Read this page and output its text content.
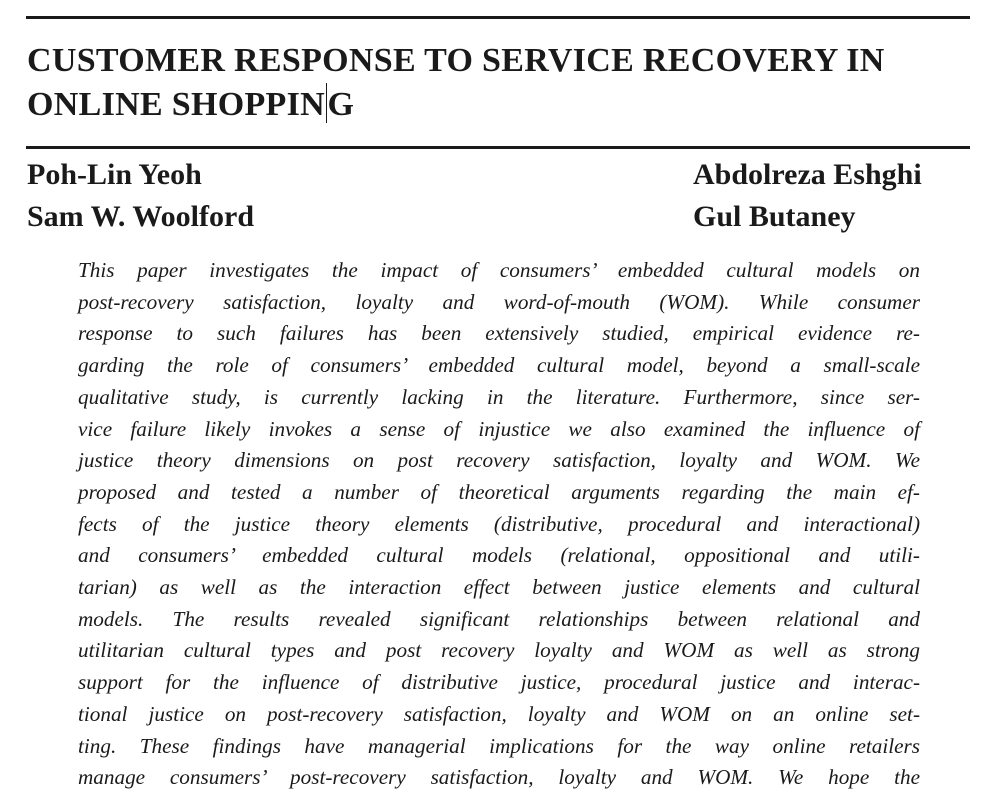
CUSTOMER RESPONSE TO SERVICE RECOVERY IN
ONLINE SHOPPING

Poh-Lin Yeoh

Sam W. Woolford

Abdolreza Eshghi

Gul Butaney

This paper investigates the impact of consumers’ embedded cultural models on
post-recovery satisfaction, loyalty and word-of-mouth (WOM). While consumer
response to such failures has been extensively studied, empirical evidence re-
garding the role of consumers’ embedded cultural model, beyond a small-scale
qualitative study, is currently lacking in the literature. Furthermore, since ser-
vice failure likely invokes a sense of injustice we also examined the influence of
justice theory dimensions on post recovery satisfaction, loyalty and WOM. We
proposed and tested a number of theoretical arguments regarding the main ef-
fects of the justice theory elements (distributive, procedural and interactional)
and consumers’ embedded cultural models (relational, oppositional and utili-
tarian) as well as the interaction effect between justice elements and cultural
models. The results revealed significant relationships between relational and
utilitarian cultural types and post recovery loyalty and WOM as well as strong
support for the influence of distributive justice, procedural justice and interac-
tional justice on post-recovery satisfaction, loyalty and WOM on an online set-
ting. These findings have managerial implications for the way online retailers
manage consumers’ post-recovery satisfaction, loyalty and WOM. We hope the
